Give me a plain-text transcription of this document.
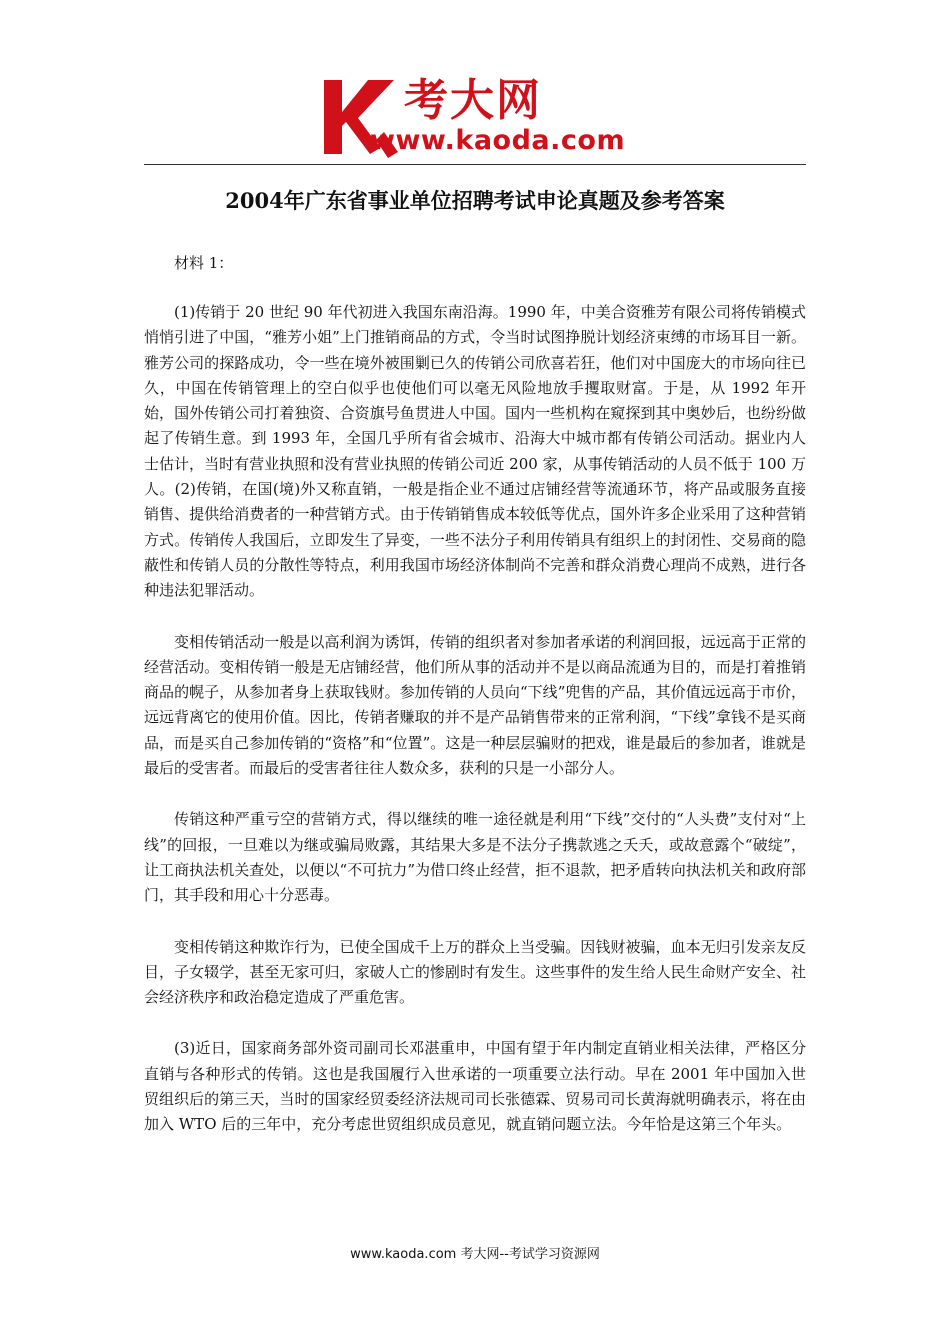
考大网
www.kaoda.com
2004年广东省事业单位招聘考试申论真题及参考答案

材料 1：

(1)传销于 20 世纪 90 年代初进入我国东南沿海。1990 年，中美合资雅芳有限公司将传销模式悄悄引进了中国，“雅芳小姐”上门推销商品的方式，令当时试图挣脱计划经济束缚的市场耳目一新。雅芳公司的探路成功，令一些在境外被围剿已久的传销公司欣喜若狂，他们对中国庞大的市场向往已久，中国在传销管理上的空白似乎也使他们可以毫无风险地放手攫取财富。于是，从 1992 年开始，国外传销公司打着独资、合资旗号鱼贯进人中国。国内一些机构在窥探到其中奥妙后，也纷纷做起了传销生意。到 1993 年，全国几乎所有省会城市、沿海大中城市都有传销公司活动。据业内人士估计，当时有营业执照和没有营业执照的传销公司近 200 家，从事传销活动的人员不低于 100 万人。(2)传销，在国(境)外又称直销，一般是指企业不通过店铺经营等流通环节，将产品或服务直接销售、提供给消费者的一种营销方式。由于传销销售成本较低等优点，国外许多企业采用了这种营销方式。传销传人我国后，立即发生了异变，一些不法分子利用传销具有组织上的封闭性、交易商的隐蔽性和传销人员的分散性等特点，利用我国市场经济体制尚不完善和群众消费心理尚不成熟，进行各种违法犯罪活动。

变相传销活动一般是以高利润为诱饵，传销的组织者对参加者承诺的利润回报，远远高于正常的经营活动。变相传销一般是无店铺经营，他们所从事的活动并不是以商品流通为目的，而是打着推销商品的幌子，从参加者身上获取钱财。参加传销的人员向“下线”兜售的产品，其价值远远高于市价，远远背离它的使用价值。因比，传销者赚取的并不是产品销售带来的正常利润，“下线”拿钱不是买商品，而是买自己参加传销的“资格”和“位置”。这是一种层层骗财的把戏，谁是最后的参加者，谁就是最后的受害者。而最后的受害者往往人数众多，获利的只是一小部分人。

传销这种严重亏空的营销方式，得以继续的唯一途径就是利用“下线”交付的“人头费”支付对“上线”的回报，一旦难以为继或骗局败露，其结果大多是不法分子携款逃之夭夭，或故意露个“破绽”，让工商执法机关查处，以便以“不可抗力”为借口终止经营，拒不退款，把矛盾转向执法机关和政府部门，其手段和用心十分恶毒。

变相传销这种欺诈行为，已使全国成千上万的群众上当受骗。因钱财被骗，血本无归引发亲友反目，子女辍学，甚至无家可归，家破人亡的惨剧时有发生。这些事件的发生给人民生命财产安全、社会经济秩序和政治稳定造成了严重危害。

(3)近日，国家商务部外资司副司长邓湛重申，中国有望于年内制定直销业相关法律，严格区分直销与各种形式的传销。这也是我国履行入世承诺的一项重要立法行动。早在 2001 年中国加入世贸组织后的第三天，当时的国家经贸委经济法规司司长张德霖、贸易司司长黄海就明确表示，将在由加入 WTO 后的三年中，充分考虑世贸组织成员意见，就直销问题立法。今年恰是这第三个年头。

www.kaoda.com 考大网--考试学习资源网
